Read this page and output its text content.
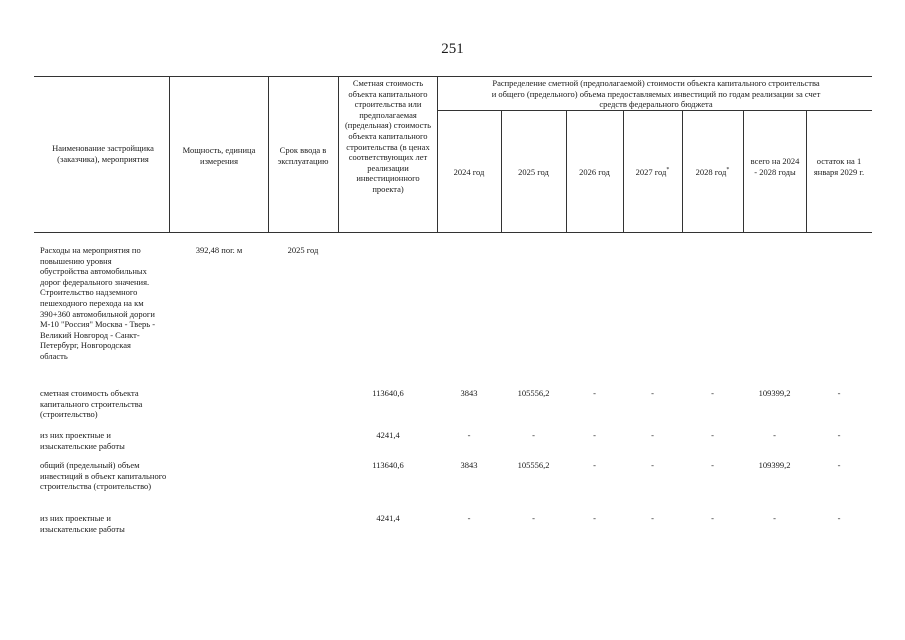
251
Наименование застройщика (заказчика), мероприятия
Мощность, единица измерения
Срок ввода в эксплуатацию
Сметная стоимость объекта капитального строительства или предполагаемая (предельная) стоимость объекта капитального строительства (в ценах соответствующих лет реализации инвестиционного проекта)
Распределение сметной (предполагаемой) стоимости объекта капитального строительства и общего (предельного) объема предоставляемых инвестиций по годам реализации за счет средств федерального бюджета
2024 год	2025 год	2026 год	2027 год*	2028 год*
всего на 2024 - 2028 годы
остаток на 1 января 2029 г.
Расходы на мероприятия по повышению уровня обустройства автомобильных дорог федерального значения. Строительство надземного пешеходного перехода на км 390+360 автомобильной дороги М-10 "Россия" Москва - Тверь - Великий Новгород - Санкт-Петербург, Новгородская область
392,48 пог. м	2025 год
сметная стоимость объекта капитального строительства (строительство)
113640,6	3843	105556,2	-	-	-	109399,2	-
из них проектные и изыскательские работы
4241,4	-	-	-	-	-	-	-
общий (предельный) объем инвестиций в объект капитального строительства (строительство)
113640,6	3843	105556,2	-	-	-	109399,2	-
из них проектные и изыскательские работы
4241,4	-	-	-	-	-	-	-
